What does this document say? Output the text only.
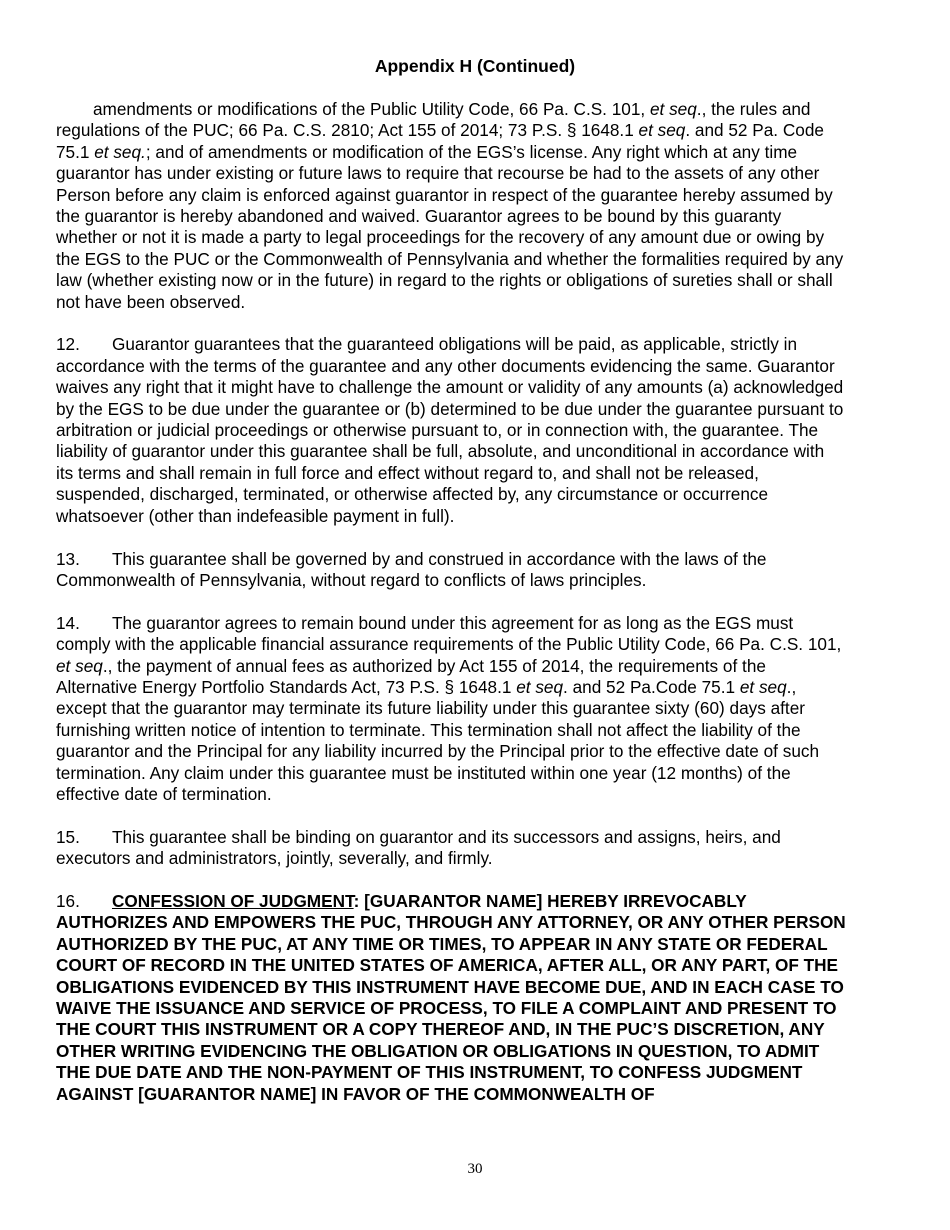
Appendix H (Continued)

amendments or modifications of the Public Utility Code, 66 Pa. C.S. 101, et seq., the rules and regulations of the PUC; 66 Pa. C.S. 2810; Act 155 of 2014; 73 P.S. § 1648.1 et seq. and 52 Pa. Code 75.1 et seq.; and of amendments or modification of the EGS’s license. Any right which at any time guarantor has under existing or future laws to require that recourse be had to the assets of any other Person before any claim is enforced against guarantor in respect of the guarantee hereby assumed by the guarantor is hereby abandoned and waived. Guarantor agrees to be bound by this guaranty whether or not it is made a party to legal proceedings for the recovery of any amount due or owing by the EGS to the PUC or the Commonwealth of Pennsylvania and whether the formalities required by any law (whether existing now or in the future) in regard to the rights or obligations of sureties shall or shall not have been observed.

12. Guarantor guarantees that the guaranteed obligations will be paid, as applicable, strictly in accordance with the terms of the guarantee and any other documents evidencing the same. Guarantor waives any right that it might have to challenge the amount or validity of any amounts (a) acknowledged by the EGS to be due under the guarantee or (b) determined to be due under the guarantee pursuant to arbitration or judicial proceedings or otherwise pursuant to, or in connection with, the guarantee. The liability of guarantor under this guarantee shall be full, absolute, and unconditional in accordance with its terms and shall remain in full force and effect without regard to, and shall not be released, suspended, discharged, terminated, or otherwise affected by, any circumstance or occurrence whatsoever (other than indefeasible payment in full).

13. This guarantee shall be governed by and construed in accordance with the laws of the Commonwealth of Pennsylvania, without regard to conflicts of laws principles.

14. The guarantor agrees to remain bound under this agreement for as long as the EGS must comply with the applicable financial assurance requirements of the Public Utility Code, 66 Pa. C.S. 101, et seq., the payment of annual fees as authorized by Act 155 of 2014, the requirements of the Alternative Energy Portfolio Standards Act, 73 P.S. § 1648.1 et seq. and 52 Pa.Code 75.1 et seq., except that the guarantor may terminate its future liability under this guarantee sixty (60) days after furnishing written notice of intention to terminate. This termination shall not affect the liability of the guarantor and the Principal for any liability incurred by the Principal prior to the effective date of such termination. Any claim under this guarantee must be instituted within one year (12 months) of the effective date of termination.

15. This guarantee shall be binding on guarantor and its successors and assigns, heirs, and executors and administrators, jointly, severally, and firmly.

16. CONFESSION OF JUDGMENT: [GUARANTOR NAME] HEREBY IRREVOCABLY AUTHORIZES AND EMPOWERS THE PUC, THROUGH ANY ATTORNEY, OR ANY OTHER PERSON AUTHORIZED BY THE PUC, AT ANY TIME OR TIMES, TO APPEAR IN ANY STATE OR FEDERAL COURT OF RECORD IN THE UNITED STATES OF AMERICA, AFTER ALL, OR ANY PART, OF THE OBLIGATIONS EVIDENCED BY THIS INSTRUMENT HAVE BECOME DUE, AND IN EACH CASE TO WAIVE THE ISSUANCE AND SERVICE OF PROCESS, TO FILE A COMPLAINT AND PRESENT TO THE COURT THIS INSTRUMENT OR A COPY THEREOF AND, IN THE PUC’S DISCRETION, ANY OTHER WRITING EVIDENCING THE OBLIGATION OR OBLIGATIONS IN QUESTION, TO ADMIT THE DUE DATE AND THE NON-PAYMENT OF THIS INSTRUMENT, TO CONFESS JUDGMENT AGAINST [GUARANTOR NAME] IN FAVOR OF THE COMMONWEALTH OF

30
